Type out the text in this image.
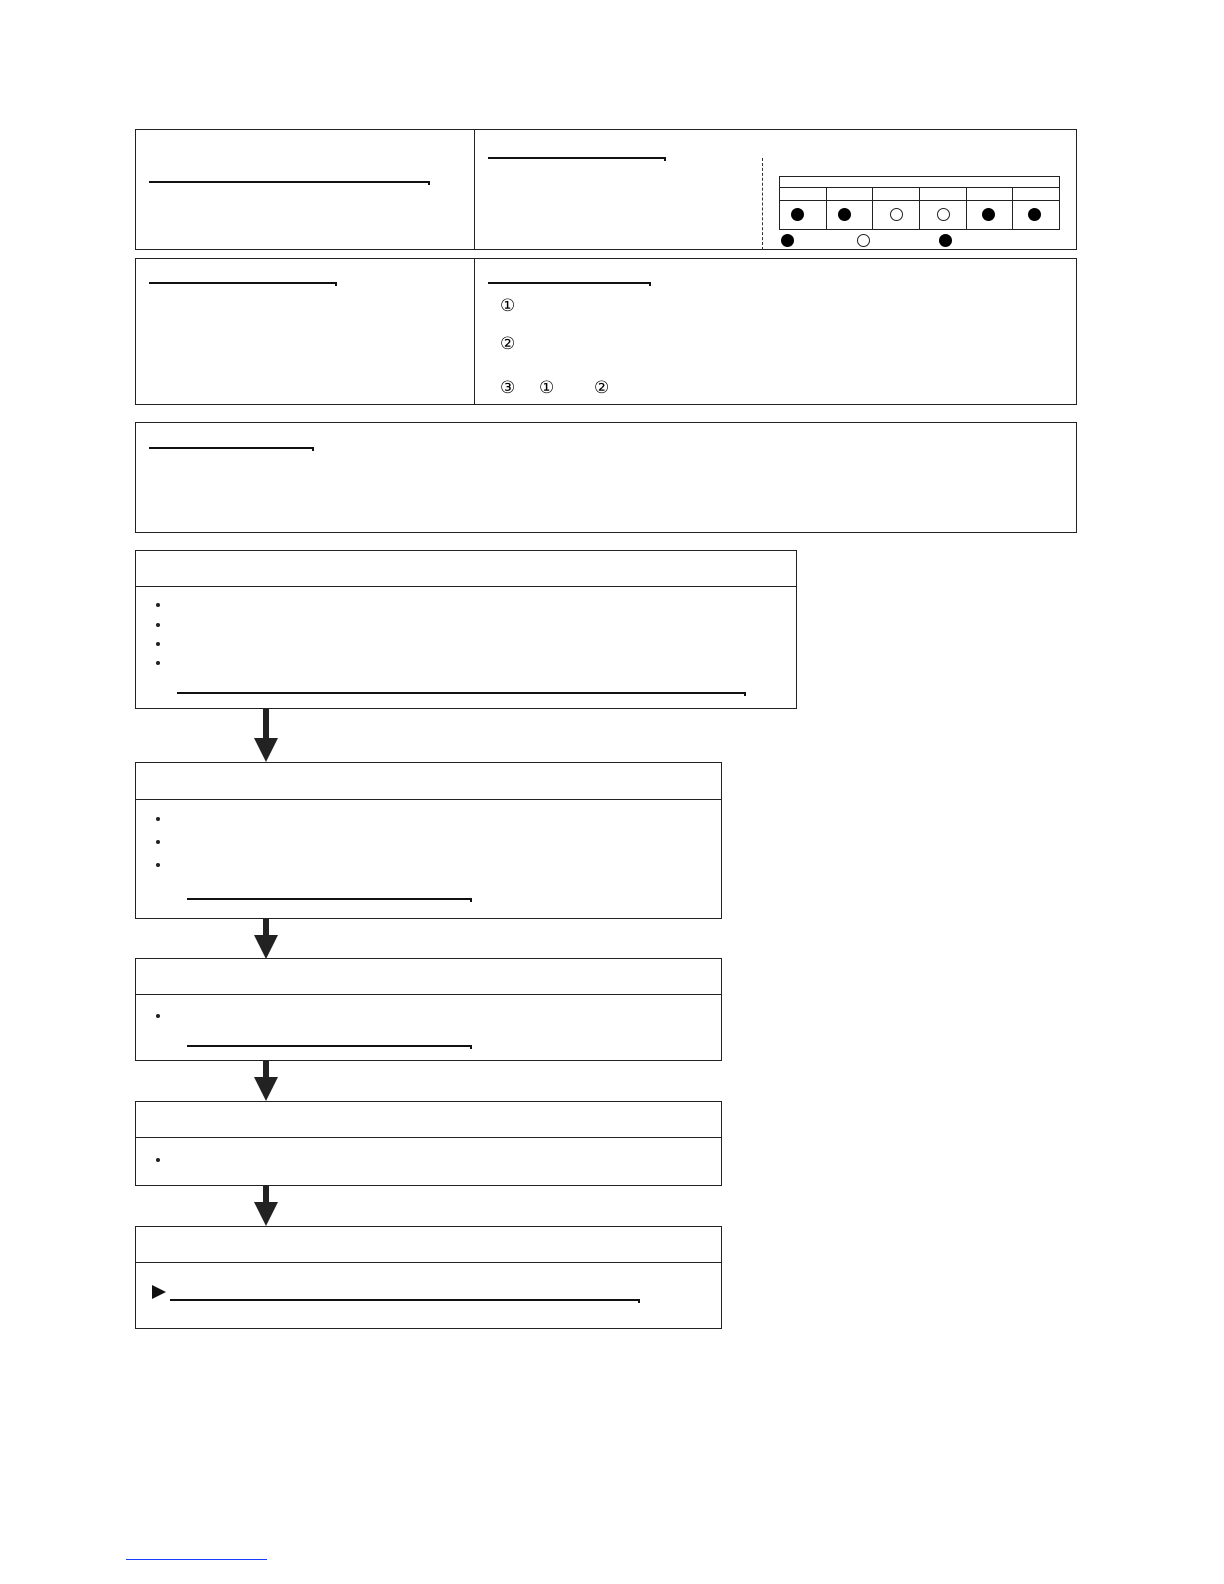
①
②
③ ① ②
